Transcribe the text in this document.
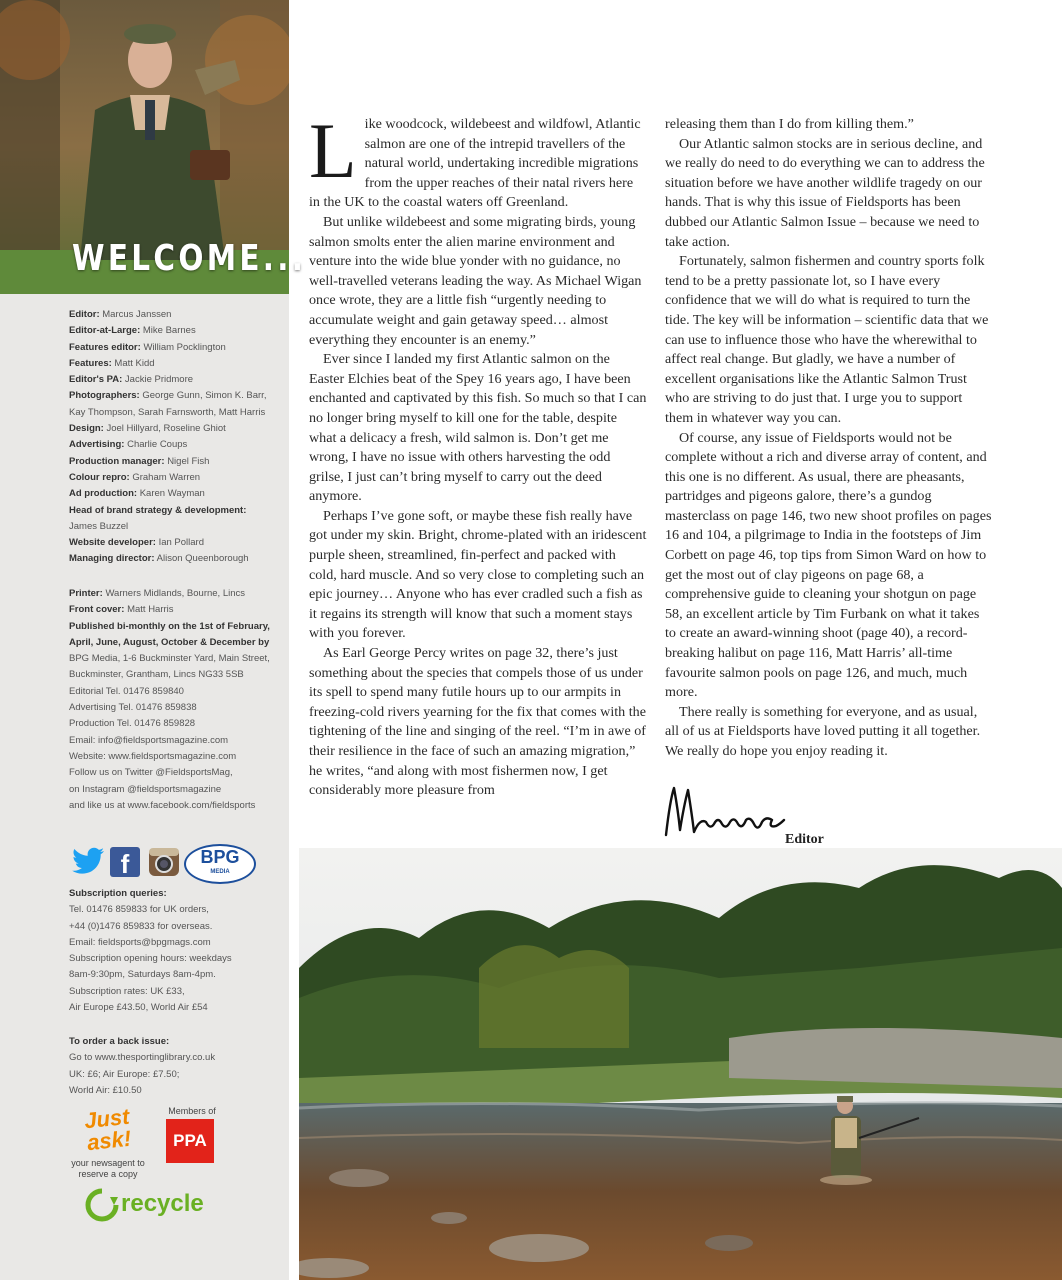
WELCOME...

Editor: Marcus Janssen

Editor-at-Large: Mike Barnes

Features editor: William Pocklington

Features: Matt Kidd

Editor's PA: Jackie Pridmore

Photographers: George Gunn, Simon K. Barr, Kay Thompson, Sarah Farnsworth, Matt Harris

Design: Joel Hillyard, Roseline Ghiot

Advertising: Charlie Coups

Production manager: Nigel Fish

Colour repro: Graham Warren

Ad production: Karen Wayman

Head of brand strategy & development: James Buzzel

Website developer: Ian Pollard

Managing director: Alison Queenborough

Printer: Warners Midlands, Bourne, Lincs

Front cover: Matt Harris

Published bi-monthly on the 1st of February, April, June, August, October & December by

BPG Media, 1-6 Buckminster Yard, Main Street,

Buckminster, Grantham, Lincs NG33 5SB

Editorial Tel. 01476 859840

Advertising Tel. 01476 859838

Production Tel. 01476 859828

Email: info@fieldsportsmagazine.com

Website: www.fieldsportsmagazine.com

Follow us on Twitter @FieldsportsMag,

on Instagram @fieldsportsmagazine

and like us at www.facebook.com/fieldsports

f	BPG
MEDIA

Subscription queries:

Tel. 01476 859833 for UK orders,

+44 (0)1476 859833 for overseas.

Email: fieldsports@bpgmags.com

Subscription opening hours: weekdays

8am-9:30pm, Saturdays 8am-4pm.

Subscription rates: UK £33,

Air Europe £43.50, World Air £54

To order a back issue:

Go to www.thesportinglibrary.co.uk

UK: £6; Air Europe: £7.50;

World Air: £10.50

Just ask!
your newsagent to
reserve a copy
Members of
PPA
recycle

Like woodcock, wildebeest and wildfowl, Atlantic salmon are one of the intrepid travellers of the natural world, undertaking incredible migrations from the upper reaches of their natal rivers here in the UK to the coastal waters off Greenland.

But unlike wildebeest and some migrating birds, young salmon smolts enter the alien marine environment and venture into the wide blue yonder with no guidance, no well-travelled veterans leading the way. As Michael Wigan once wrote, they are a little fish “urgently needing to accumulate weight and gain getaway speed… almost everything they encounter is an enemy.”

Ever since I landed my first Atlantic salmon on the Easter Elchies beat of the Spey 16 years ago, I have been enchanted and captivated by this fish. So much so that I can no longer bring myself to kill one for the table, despite what a delicacy a fresh, wild salmon is. Don’t get me wrong, I have no issue with others harvesting the odd grilse, I just can’t bring myself to carry out the deed anymore.

Perhaps I’ve gone soft, or maybe these fish really have got under my skin. Bright, chrome-plated with an iridescent purple sheen, streamlined, fin-perfect and packed with cold, hard muscle. And so very close to completing such an epic journey… Anyone who has ever cradled such a fish as it regains its strength will know that such a moment stays with you forever.

As Earl George Percy writes on page 32, there’s just something about the species that compels those of us under its spell to spend many futile hours up to our armpits in freezing-cold rivers yearning for the fix that comes with the tightening of the line and singing of the reel. “I’m in awe of their resilience in the face of such an amazing migration,” he writes, “and along with most fishermen now, I get considerably more pleasure from

releasing them than I do from killing them.”

Our Atlantic salmon stocks are in serious decline, and we really do need to do everything we can to address the situation before we have another wildlife tragedy on our hands. That is why this issue of Fieldsports has been dubbed our Atlantic Salmon Issue – because we need to take action.

Fortunately, salmon fishermen and country sports folk tend to be a pretty passionate lot, so I have every confidence that we will do what is required to turn the tide. The key will be information – scientific data that we can use to influence those who have the wherewithal to affect real change. But gladly, we have a number of excellent organisations like the Atlantic Salmon Trust who are striving to do just that. I urge you to support them in whatever way you can.

Of course, any issue of Fieldsports would not be complete without a rich and diverse array of content, and this one is no different. As usual, there are pheasants, partridges and pigeons galore, there’s a gundog masterclass on page 146, two new shoot profiles on pages 16 and 104, a pilgrimage to India in the footsteps of Jim Corbett on page 46, top tips from Simon Ward on how to get the most out of clay pigeons on page 68, a comprehensive guide to cleaning your shotgun on page 58, an excellent article by Tim Furbank on what it takes to create an award-winning shoot (page 40), a record-breaking halibut on page 116, Matt Harris’ all-time favourite salmon pools on page 126, and much, much more.

There really is something for everyone, and as usual, all of us at Fieldsports have loved putting it all together. We really do hope you enjoy reading it.

Editor
